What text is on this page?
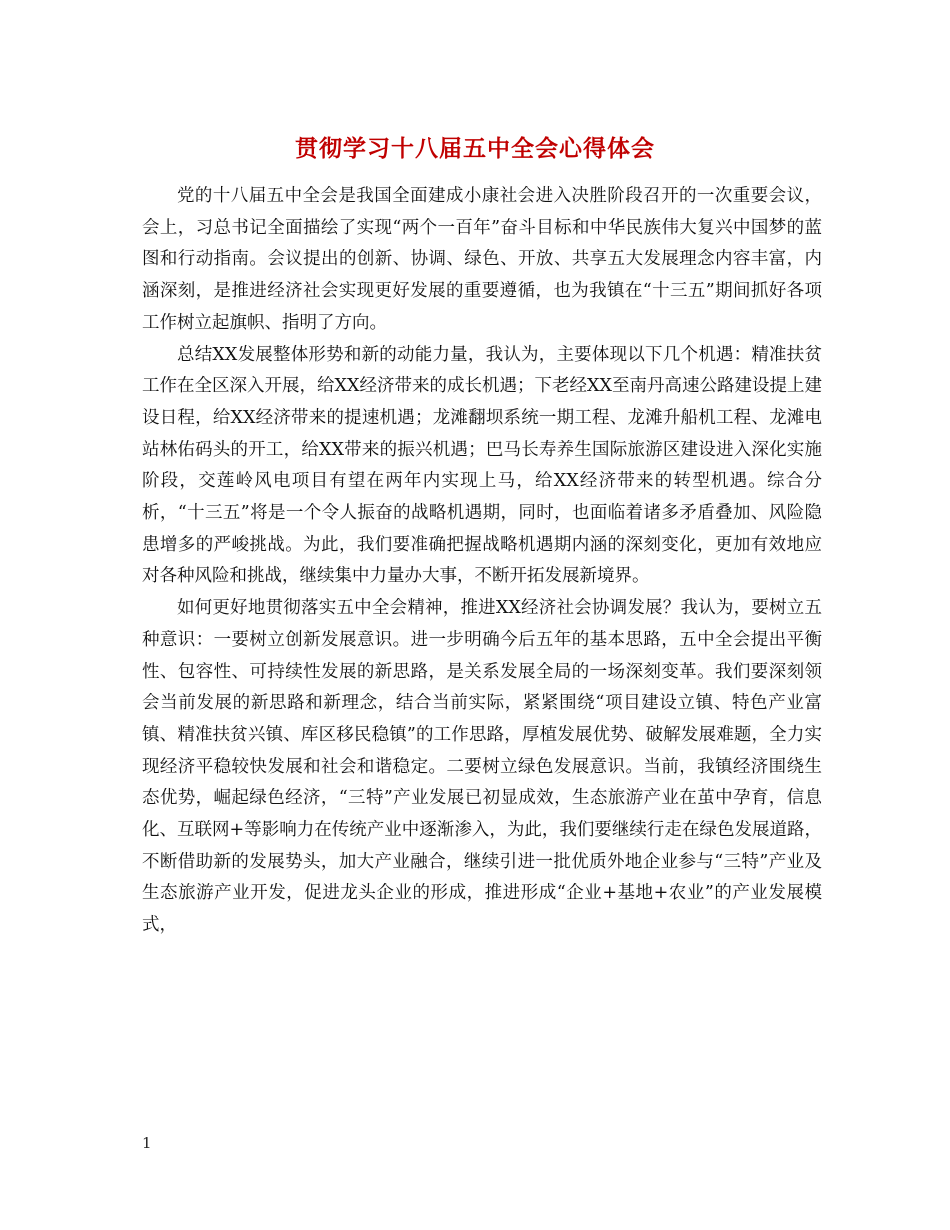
贯彻学习十八届五中全会心得体会

党的十八届五中全会是我国全面建成小康社会进入决胜阶段召开的一次重要会议，会上，习总书记全面描绘了实现“两个一百年”奋斗目标和中华民族伟大复兴中国梦的蓝图和行动指南。会议提出的创新、协调、绿色、开放、共享五大发展理念内容丰富，内涵深刻，是推进经济社会实现更好发展的重要遵循，也为我镇在“十三五”期间抓好各项工作树立起旗帜、指明了方向。

总结XX发展整体形势和新的动能力量，我认为，主要体现以下几个机遇：精准扶贫工作在全区深入开展，给XX经济带来的成长机遇；下老经XX至南丹高速公路建设提上建设日程，给XX经济带来的提速机遇；龙滩翻坝系统一期工程、龙滩升船机工程、龙滩电站林佑码头的开工，给XX带来的振兴机遇；巴马长寿养生国际旅游区建设进入深化实施阶段，交莲岭风电项目有望在两年内实现上马，给XX经济带来的转型机遇。综合分析，“十三五”将是一个令人振奋的战略机遇期，同时，也面临着诸多矛盾叠加、风险隐患增多的严峻挑战。为此，我们要准确把握战略机遇期内涵的深刻变化，更加有效地应对各种风险和挑战，继续集中力量办大事，不断开拓发展新境界。

如何更好地贯彻落实五中全会精神，推进XX经济社会协调发展？我认为，要树立五种意识：一要树立创新发展意识。进一步明确今后五年的基本思路，五中全会提出平衡性、包容性、可持续性发展的新思路，是关系发展全局的一场深刻变革。我们要深刻领会当前发展的新思路和新理念，结合当前实际，紧紧围绕“项目建设立镇、特色产业富镇、精准扶贫兴镇、库区移民稳镇”的工作思路，厚植发展优势、破解发展难题，全力实现经济平稳较快发展和社会和谐稳定。二要树立绿色发展意识。当前，我镇经济围绕生态优势，崛起绿色经济，“三特”产业发展已初显成效，生态旅游产业在茧中孕育，信息化、互联网+等影响力在传统产业中逐渐渗入，为此，我们要继续行走在绿色发展道路，不断借助新的发展势头，加大产业融合，继续引进一批优质外地企业参与“三特”产业及生态旅游产业开发，促进龙头企业的形成，推进形成“企业+基地+农业”的产业发展模式，

1
